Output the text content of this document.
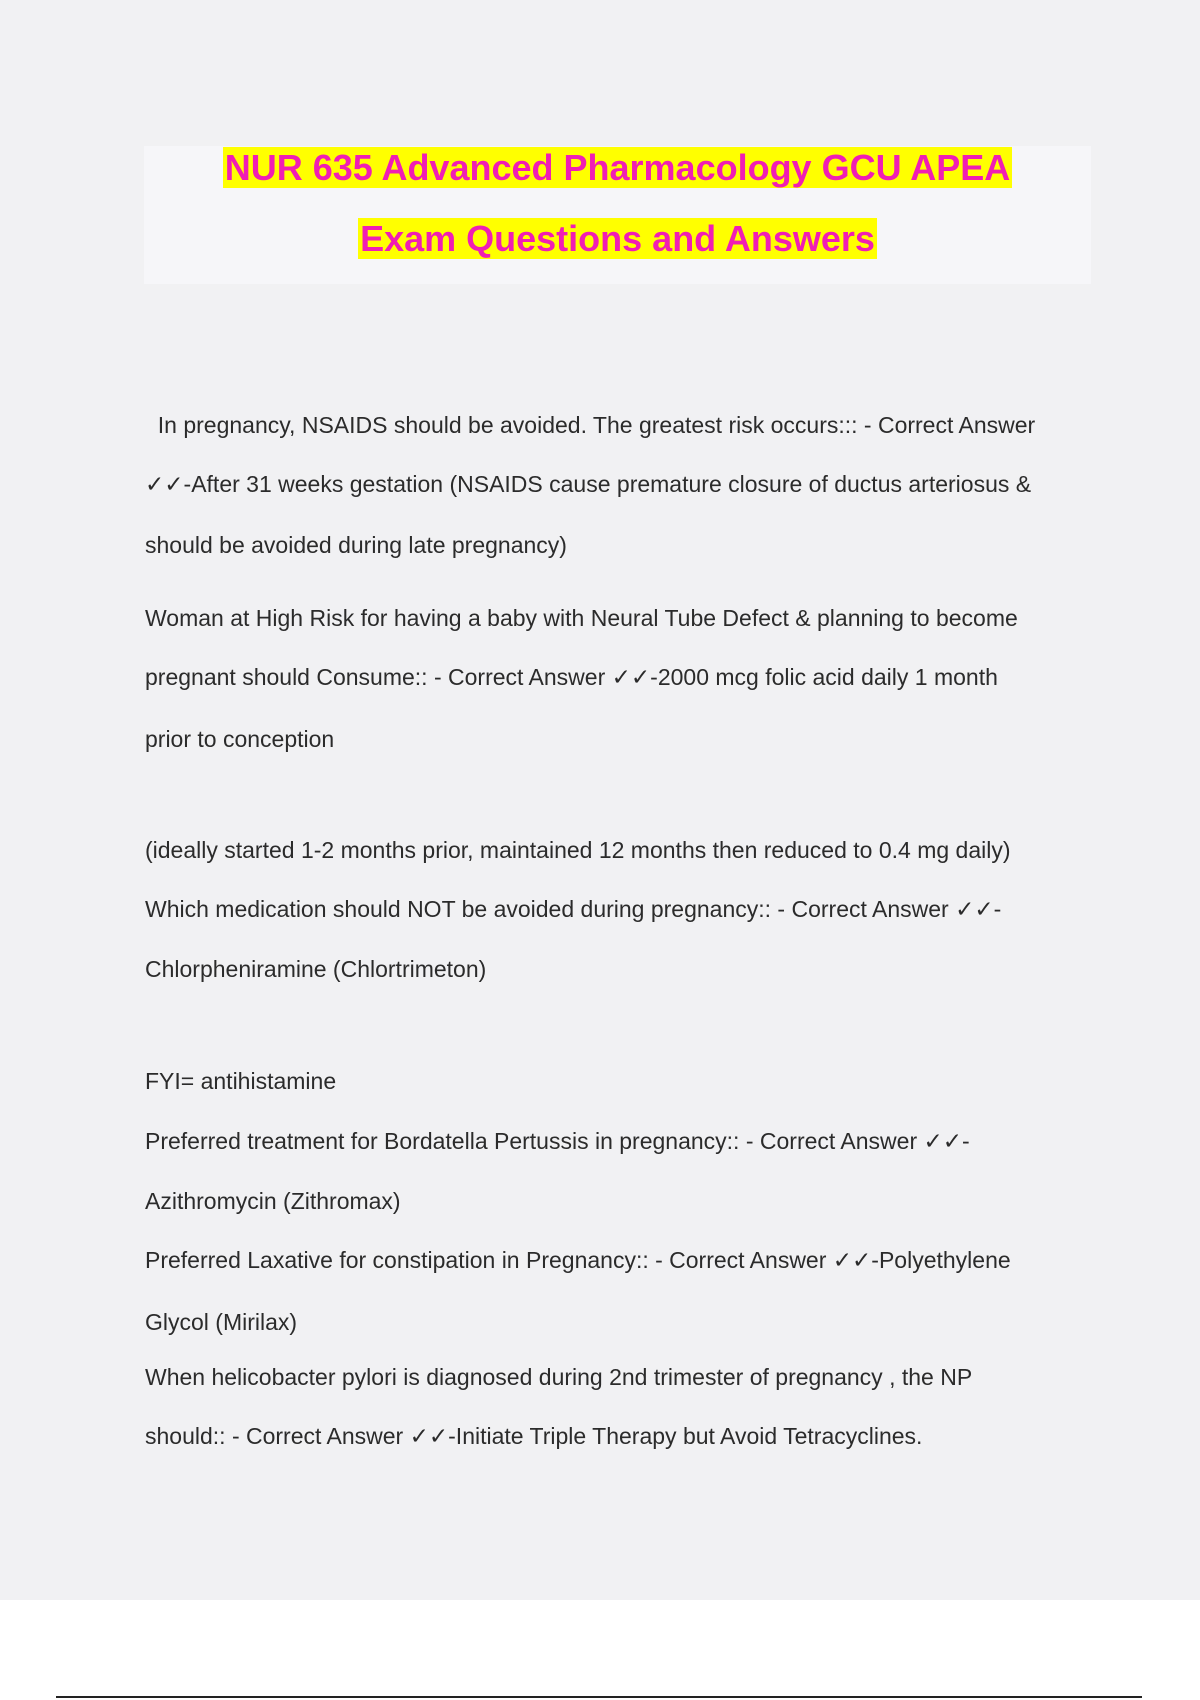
NUR 635 Advanced Pharmacology GCU APEA
Exam Questions and Answers
In pregnancy, NSAIDS should be avoided. The greatest risk occurs::: - Correct Answer
✓✓-After 31 weeks gestation (NSAIDS cause premature closure of ductus arteriosus &
should be avoided during late pregnancy)
Woman at High Risk for having a baby with Neural Tube Defect & planning to become
pregnant should Consume:: - Correct Answer ✓✓-2000 mcg folic acid daily 1 month
prior to conception
(ideally started 1-2 months prior, maintained 12 months then reduced to 0.4 mg daily)
Which medication should NOT be avoided during pregnancy:: - Correct Answer ✓✓-
Chlorpheniramine (Chlortrimeton)
FYI= antihistamine
Preferred treatment for Bordatella Pertussis in pregnancy:: - Correct Answer ✓✓-
Azithromycin (Zithromax)
Preferred Laxative for constipation in Pregnancy:: - Correct Answer ✓✓-Polyethylene
Glycol (Mirilax)
When helicobacter pylori is diagnosed during 2nd trimester of pregnancy , the NP
should:: - Correct Answer ✓✓-Initiate Triple Therapy but Avoid Tetracyclines.
